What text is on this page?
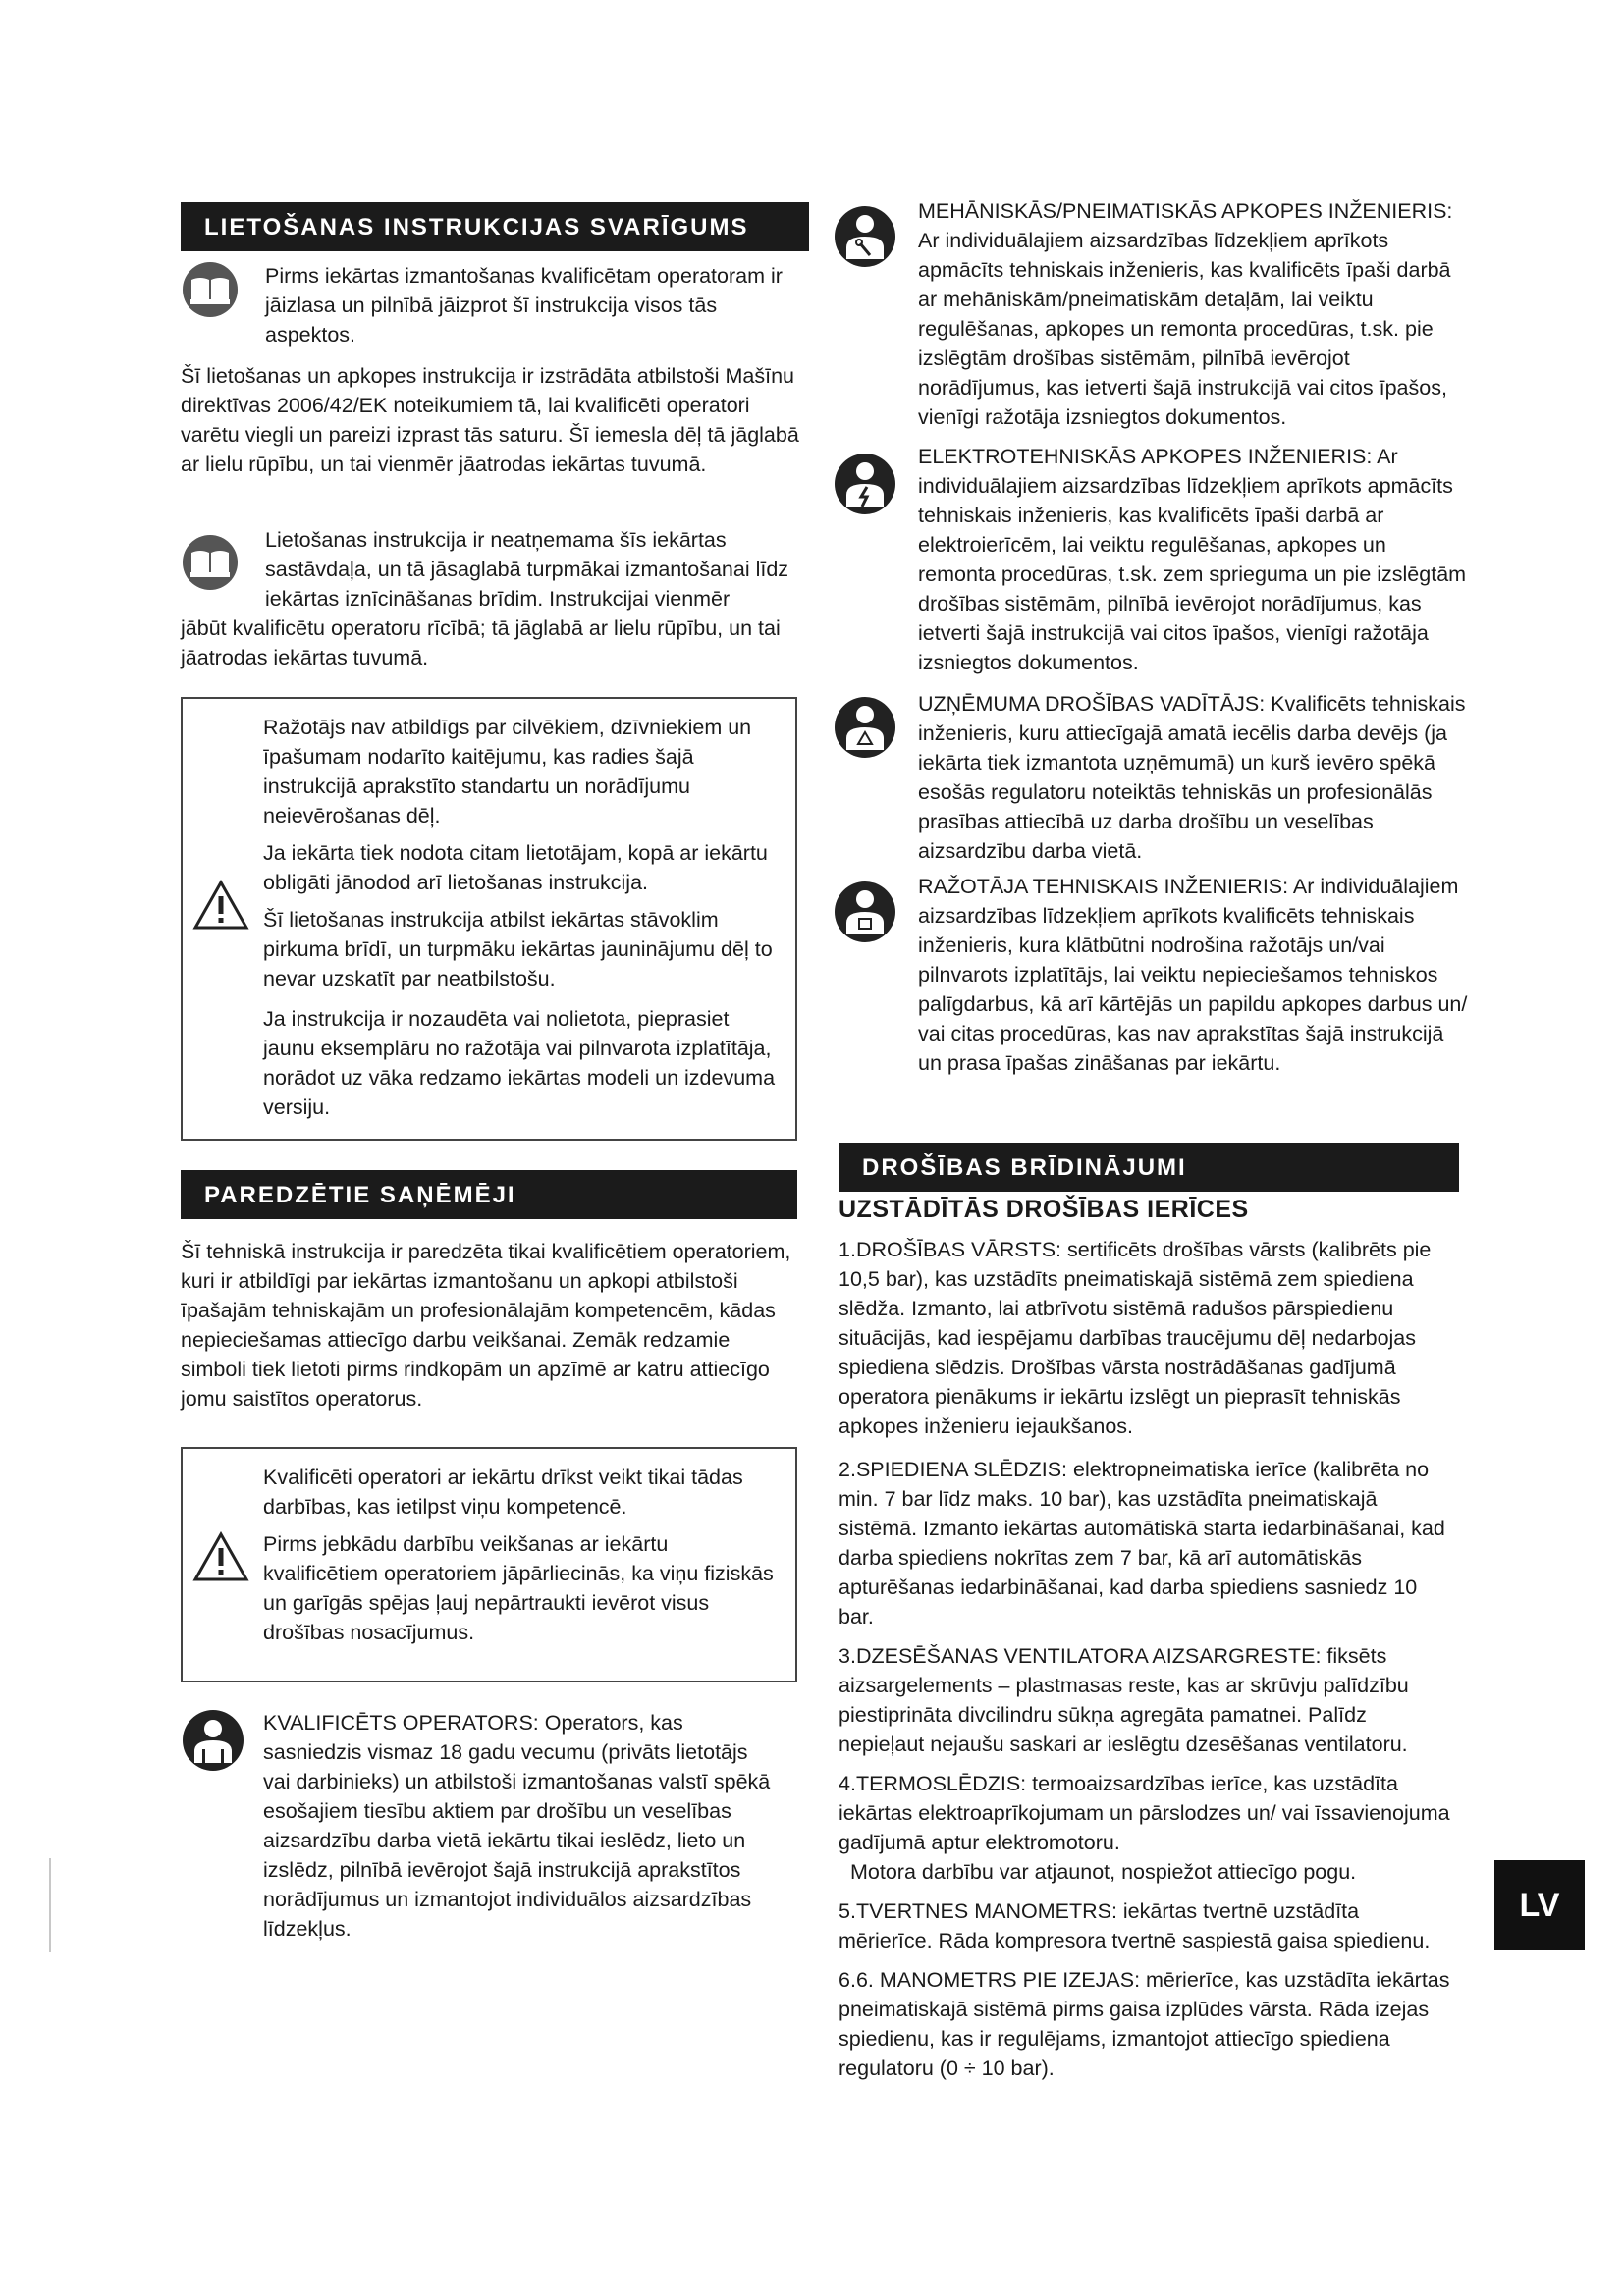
LIETOŠANAS INSTRUKCIJAS SVARĪGUMS
Pirms iekārtas izmantošanas kvalificētam operatoram ir jāizlasa un pilnībā jāizprot šī instrukcija visos tās aspektos.
Šī lietošanas un apkopes instrukcija ir izstrādāta atbilstoši Mašīnu direktīvas 2006/42/EK noteikumiem tā, lai kvalificēti operatori varētu viegli un pareizi izprast tās saturu. Šī iemesla dēļ tā jāglabā ar lielu rūpību, un tai vienmēr jāatrodas iekārtas tuvumā.
Lietošanas instrukcija ir neatņemama šīs iekārtas sastāvdaļa, un tā jāsaglabā turpmākai izmantošanai līdz iekārtas iznīcināšanas brīdim. Instrukcijai vienmēr
jābūt kvalificētu operatoru rīcībā; tā jāglabā ar lielu rūpību, un tai jāatrodas iekārtas tuvumā.
Ražotājs nav atbildīgs par cilvēkiem, dzīvniekiem un īpašumam nodarīto kaitējumu, kas radies šajā instrukcijā aprakstīto standartu un norādījumu neievērošanas dēļ.
Ja iekārta tiek nodota citam lietotājam, kopā ar iekārtu obligāti jānodod arī lietošanas instrukcija.
Šī lietošanas instrukcija atbilst iekārtas stāvoklim pirkuma brīdī, un turpmāku iekārtas jauninājumu dēļ to nevar uzskatīt par neatbilstošu.
Ja instrukcija ir nozaudēta vai nolietota, pieprasiet jaunu eksemplāru no ražotāja vai pilnvarota izplatītāja, norādot uz vāka redzamo iekārtas modeli un izdevuma versiju.
PAREDZĒTIE SAŅĒMĒJI
Šī tehniskā instrukcija ir paredzēta tikai kvalificētiem operatoriem, kuri ir atbildīgi par iekārtas izmantošanu un apkopi atbilstoši īpašajām tehniskajām un profesionālajām kompetencēm, kādas nepieciešamas attiecīgo darbu veikšanai. Zemāk redzamie simboli tiek lietoti pirms rindkopām un apzīmē ar katru attiecīgo jomu saistītos operatorus.
Kvalificēti operatori ar iekārtu drīkst veikt tikai tādas darbības, kas ietilpst viņu kompetencē.
Pirms jebkādu darbību veikšanas ar iekārtu kvalificētiem operatoriem jāpārliecinās, ka viņu fiziskās un garīgās spējas ļauj nepārtraukti ievērot visus drošības nosacījumus.
KVALIFICĒTS OPERATORS: Operators, kas sasniedzis vismaz 18 gadu vecumu (privāts lietotājs vai darbinieks) un atbilstoši izmantošanas valstī spēkā esošajiem tiesību aktiem par drošību un veselības aizsardzību darba vietā iekārtu tikai ieslēdz, lieto un izslēdz, pilnībā ievērojot šajā instrukcijā aprakstītos norādījumus un izmantojot individuālos aizsardzības līdzekļus.
MEHĀNISKĀS/PNEIMATISKĀS APKOPES INŽENIERIS: Ar individuālajiem aizsardzības līdzekļiem aprīkots apmācīts tehniskais inženieris, kas kvalificēts īpaši darbā ar mehāniskām/pneimatiskām detaļām, lai veiktu regulēšanas, apkopes un remonta procedūras, t.sk. pie izslēgtām drošības sistēmām, pilnībā ievērojot norādījumus, kas ietverti šajā instrukcijā vai citos īpašos, vienīgi ražotāja izsniegtos dokumentos.
ELEKTROTEHNISKĀS APKOPES INŽENIERIS: Ar individuālajiem aizsardzības līdzekļiem aprīkots apmācīts tehniskais inženieris, kas kvalificēts īpaši darbā ar elektroierīcēm, lai veiktu regulēšanas, apkopes un remonta procedūras, t.sk. zem sprieguma un pie izslēgtām drošības sistēmām, pilnībā ievērojot norādījumus, kas ietverti šajā instrukcijā vai citos īpašos, vienīgi ražotāja izsniegtos dokumentos.
UZŅĒMUMA DROŠĪBAS VADĪTĀJS: Kvalificēts tehniskais inženieris, kuru attiecīgajā amatā iecēlis darba devējs (ja iekārta tiek izmantota uzņēmumā) un kurš ievēro spēkā esošās regulatoru noteiktās tehniskās un profesionālās prasības attiecībā uz darba drošību un veselības aizsardzību darba vietā.
RAŽOTĀJA TEHNISKAIS INŽENIERIS: Ar individuālajiem aizsardzības līdzekļiem aprīkots kvalificēts tehniskais inženieris, kura klātbūtni nodrošina ražotājs un/vai pilnvarots izplatītājs, lai veiktu nepieciešamos tehniskos palīgdarbus, kā arī kārtējās un papildu apkopes darbus un/ vai citas procedūras, kas nav aprakstītas šajā instrukcijā un prasa īpašas zināšanas par iekārtu.
DROŠĪBAS BRĪDINĀJUMI
UZSTĀDĪTĀS DROŠĪBAS IERĪCES
1.DROŠĪBAS VĀRSTS: sertificēts drošības vārsts (kalibrēts pie 10,5 bar), kas uzstādīts pneimatiskajā sistēmā zem spiediena slēdža. Izmanto, lai atbrīvotu sistēmā radušos pārspiedienu situācijās, kad iespējamu darbības traucējumu dēļ nedarbojas spiediena slēdzis. Drošības vārsta nostrādāšanas gadījumā operatora pienākums ir iekārtu izslēgt un pieprasīt tehniskās apkopes inženieru iejaukšanos.
2.SPIEDIENA SLĒDZIS: elektropneimatiska ierīce (kalibrēta no min. 7 bar līdz maks. 10 bar), kas uzstādīta pneimatiskajā sistēmā. Izmanto iekārtas automātiskā starta iedarbināšanai, kad darba spiediens nokrītas zem 7 bar, kā arī automātiskās apturēšanas iedarbināšanai, kad darba spiediens sasniedz 10 bar.
3.DZESĒŠANAS VENTILATORA AIZSARGRESTE: fiksēts aizsargelements – plastmasas reste, kas ar skrūvju palīdzību piestiprināta divcilindru sūkņa agregāta pamatnei. Palīdz nepieļaut nejaušu saskari ar ieslēgtu dzesēšanas ventilatoru.
4.TERMOSLĒDZIS: termoaizsardzības ierīce, kas uzstādīta iekārtas elektroaprīkojumam un pārslodzes un/ vai īssavienojuma gadījumā aptur elektromotoru.
Motora darbību var atjaunot, nospiežot attiecīgo pogu.
5.TVERTNES MANOMETRS: iekārtas tvertnē uzstādīta mērierīce. Rāda kompresora tvertnē saspiestā gaisa spiedienu.
6.6. MANOMETRS PIE IZEJAS: mērierīce, kas uzstādīta iekārtas pneimatiskajā sistēmā pirms gaisa izplūdes vārsta. Rāda izejas spiedienu, kas ir regulējams, izmantojot attiecīgo spiediena regulatoru (0 ÷ 10 bar).
LV
